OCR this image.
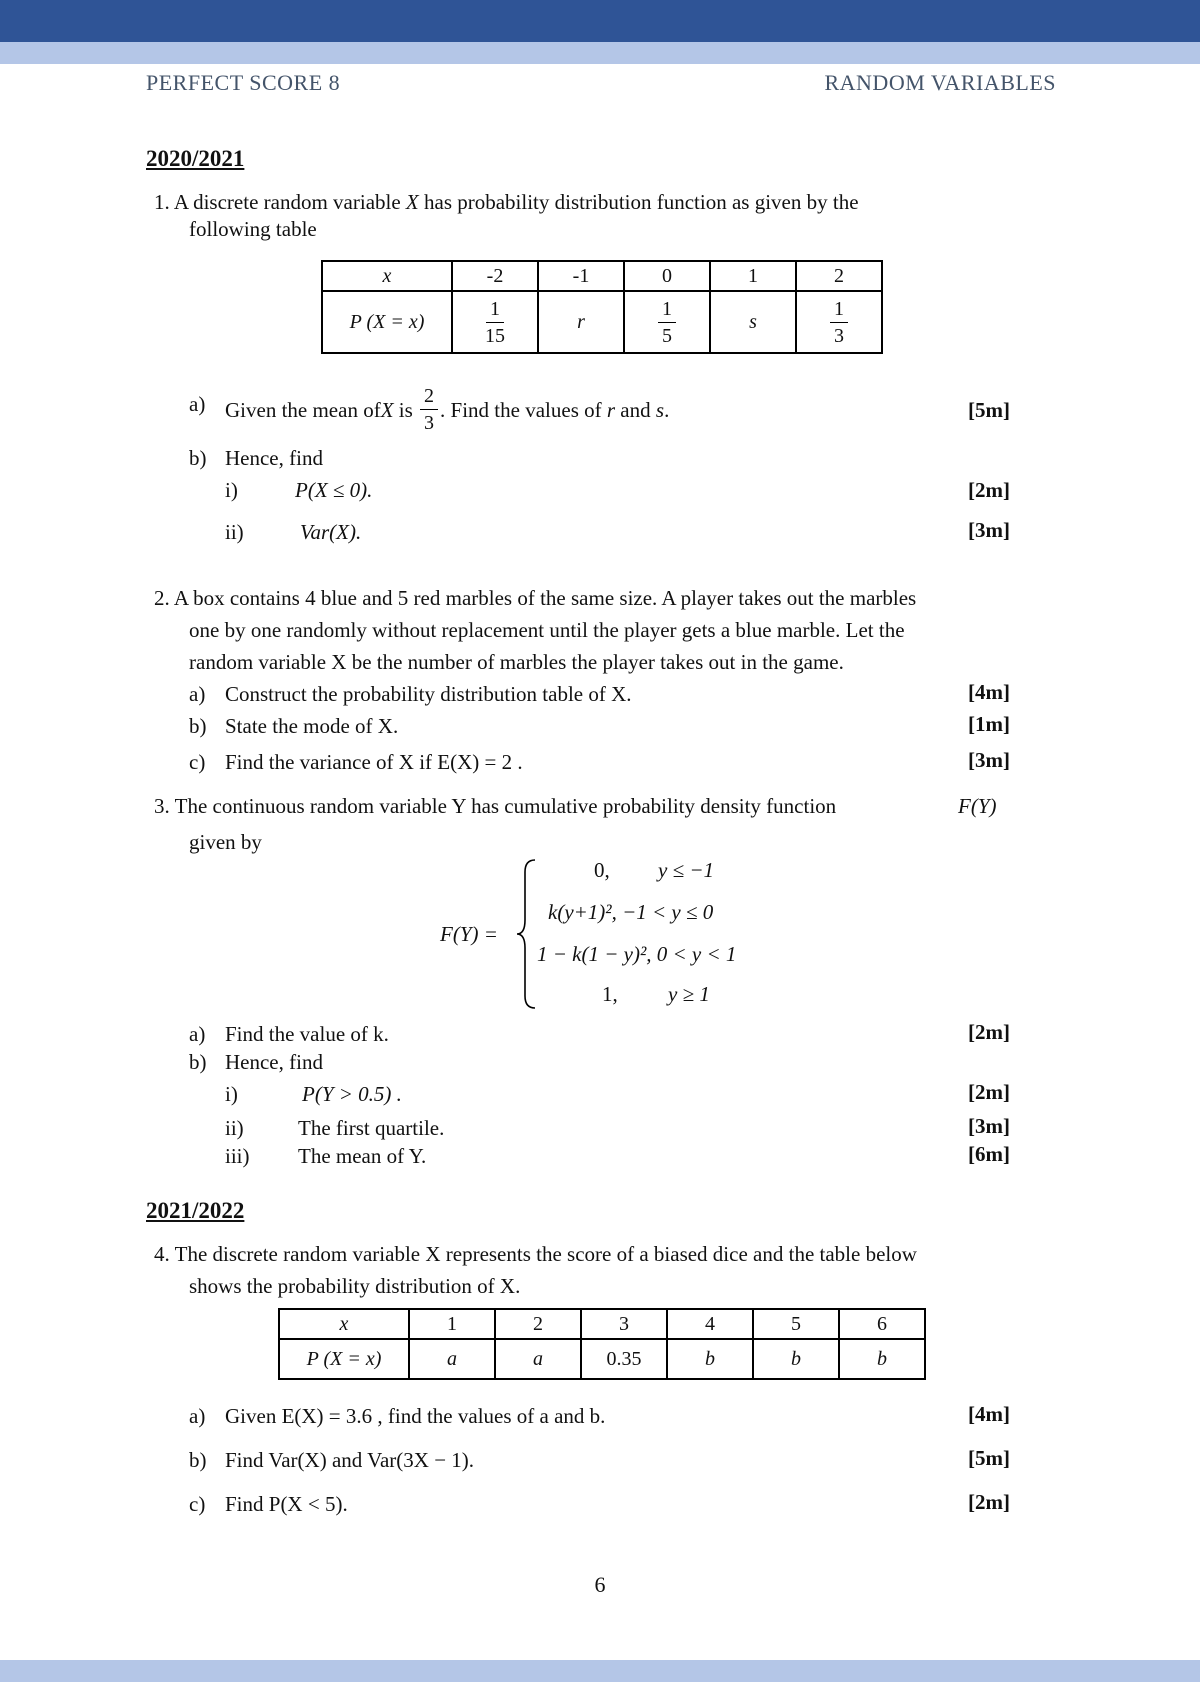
PERFECT SCORE 8	RANDOM VARIABLES
2020/2021
1. A discrete random variable X has probability distribution function as given by the
following table
x	-2	-1	0	1	2
P (X = x)	$\frac{1}{15}$	r	$\frac{1}{5}$	s	$\frac{1}{3}$
a) Given the mean of X is $\frac{2}{3}$ . Find the values of r and s .	[5m]
b) Hence, find
i)	P(X ≤ 0).	[2m]
ii)	Var(X).	[3m]
2. A box contains 4 blue and 5 red marbles of the same size. A player takes out the marbles
one by one randomly without replacement until the player gets a blue marble. Let the
random variable X be the number of marbles the player takes out in the game.
a) Construct the probability distribution table of X.	[4m]
b) State the mode of X.	[1m]
c) Find the variance of X if E(X) = 2 .	[3m]
3. The continuous random variable Y has cumulative probability density function	F(Y)
given by
F(Y) =
0, y ≤ −1
k(y+1)², −1 < y ≤ 0
1 − k(1 − y)², 0 < y < 1
1, y ≥ 1
a) Find the value of k.	[2m]
b) Hence, find
i)	P(Y > 0.5) .	[2m]
ii)	The first quartile.	[3m]
iii) The mean of Y.	[6m]
2021/2022
4. The discrete random variable X represents the score of a biased dice and the table below
shows the probability distribution of X.
x	1	2	3	4	5	6
P (X = x)	a	a	0.35	b	b	b
a) Given E(X) = 3.6 , find the values of a and b.	[4m]
b) Find Var(X) and Var(3X − 1).	[5m]
c) Find P(X < 5).	[2m]
6
